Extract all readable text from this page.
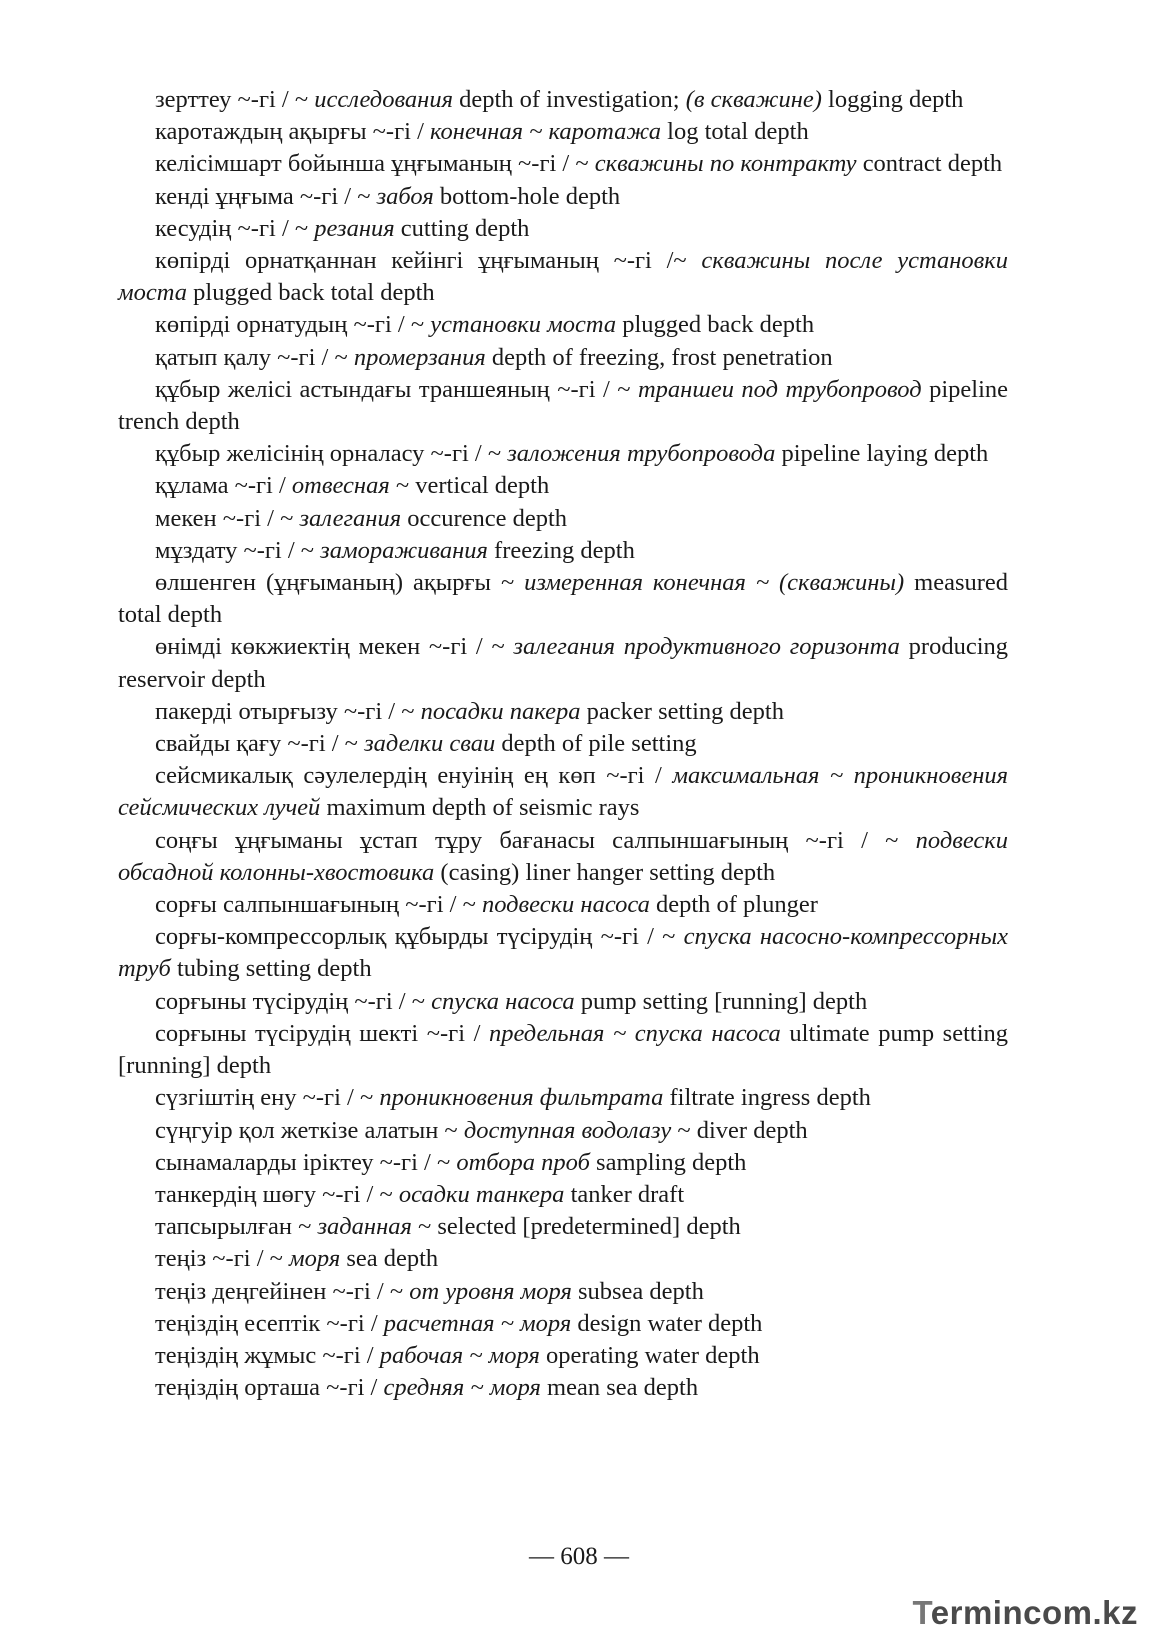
зерттеу ~-гі / ~ исследования depth of investigation; (в скважине) logging depth
каротаждың ақырғы ~-гі / конечная ~ каротажа log total depth
келісімшарт бойынша ұңғыманың ~-гі / ~ скважины по контракту contract depth
кенді ұңғыма ~-гі / ~ забоя bottom-hole depth
кесудің ~-гі / ~ резания cutting depth
көпірді орнатқаннан кейінгі ұңғыманың ~-гі /~ скважины после установки моста plugged back total depth
көпірді орнатудың ~-гі / ~ установки моста plugged back depth
қатып қалу ~-гі / ~ промерзания depth of freezing, frost penetration
құбыр желісі астындағы траншеяның ~-гі / ~ траншеи под трубопровод pipeline trench depth
құбыр желісінің орналасу ~-гі / ~ заложения трубопровода pipeline laying depth
құлама ~-гі / отвесная ~ vertical depth
мекен ~-гі / ~ залегания occurence depth
мұздату ~-гі / ~ замораживания freezing depth
өлшенген (ұңғыманың) ақырғы ~ измеренная конечная ~ (скважины) measured total depth
өнімді көкжиектің мекен ~-гі / ~ залегания продуктивного горизонта producing reservoir depth
пакерді отырғызу ~-гі / ~ посадки пакера packer setting depth
свайды қағу ~-гі / ~ заделки сваи depth of pile setting
сейсмикалық сәулелердің енуінің ең көп ~-гі / максимальная ~ проникновения сейсмических лучей maximum depth of seismic rays
соңғы ұңғыманы ұстап тұру бағанасы салпыншағының ~-гі / ~ подвески обсадной колонны-хвостовика (casing) liner hanger setting depth
сорғы салпыншағының ~-гі / ~ подвески насоса depth of plunger
сорғы-компрессорлық құбырды түсірудің ~-гі / ~ спуска насосно-компрессорных труб tubing setting depth
сорғыны түсірудің ~-гі / ~ спуска насоса pump setting [running] depth
сорғыны түсірудің шекті ~-гі / предельная ~ спуска насоса ultimate pump setting [running] depth
сүзгіштің ену ~-гі / ~ проникновения фильтрата filtrate ingress depth
сүңгуір қол жеткізе алатын ~ доступная водолазу ~ diver depth
сынамаларды іріктеу ~-гі / ~ отбора проб sampling depth
танкердің шөгу ~-гі / ~ осадки танкера tanker draft
тапсырылған ~ заданная ~ selected [predetermined] depth
теңіз ~-гі / ~ моря sea depth
теңіз деңгейінен ~-гі / ~ от уровня моря subsea depth
теңіздің есептік ~-гі / расчетная ~ моря design water depth
теңіздің жұмыс ~-гі / рабочая ~ моря operating water depth
теңіздің орташа ~-гі / средняя ~ моря mean sea depth
— 608 —
Termincom.kz
